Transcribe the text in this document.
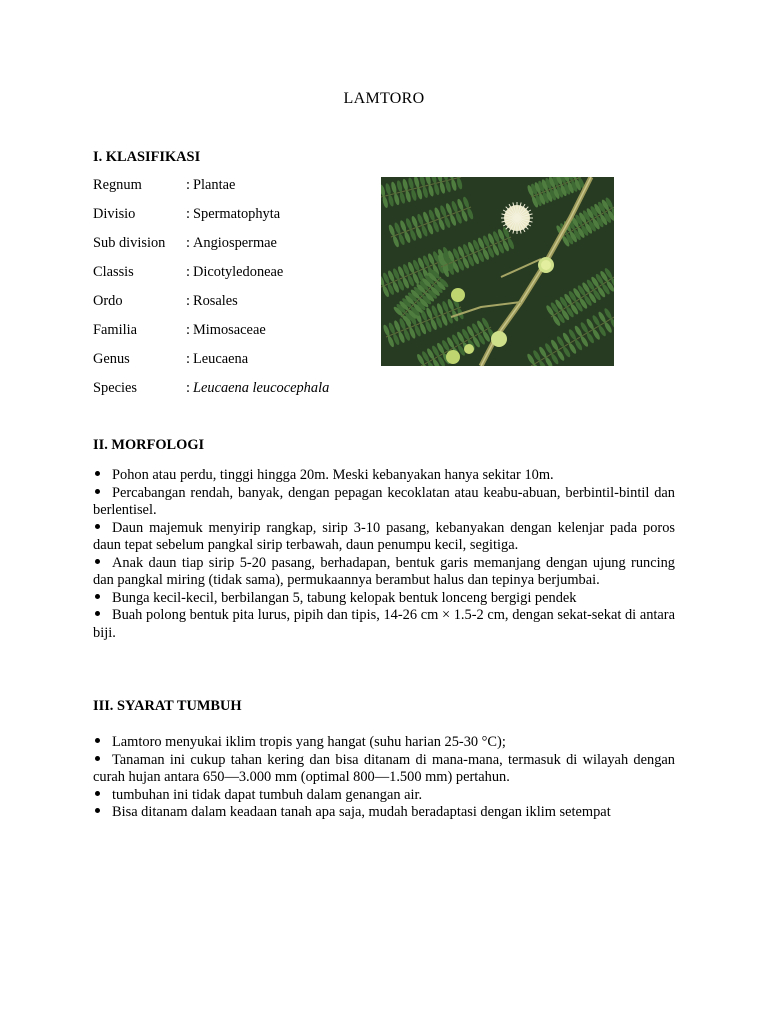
LAMTORO
I. KLASIFIKASI
Regnum	: Plantae
Divisio	: Spermatophyta
Sub division	: Angiospermae
Classis	: Dicotyledoneae
Ordo	: Rosales
Familia	: Mimosaceae
Genus	: Leucaena
Species	: Leucaena leucocephala
II. MORFOLOGI
Pohon atau perdu, tinggi hingga 20m. Meski kebanyakan hanya sekitar 10m.
Percabangan rendah, banyak, dengan pepagan kecoklatan atau keabu-abuan, berbintil-bintil dan berlentisel.
Daun majemuk menyirip rangkap, sirip 3-10 pasang, kebanyakan dengan kelenjar pada poros daun tepat sebelum pangkal sirip terbawah, daun penumpu kecil, segitiga.
Anak daun tiap sirip 5-20 pasang, berhadapan, bentuk garis memanjang dengan ujung runcing dan pangkal miring (tidak sama), permukaannya berambut halus dan tepinya berjumbai.
Bunga kecil-kecil, berbilangan 5, tabung kelopak bentuk lonceng bergigi pendek
Buah polong bentuk pita lurus, pipih dan tipis, 14-26 cm × 1.5-2 cm, dengan sekat-sekat di antara biji.
III. SYARAT TUMBUH
Lamtoro menyukai iklim tropis yang hangat (suhu harian 25-30 °C);
Tanaman ini cukup tahan kering dan bisa ditanam di mana-mana, termasuk di wilayah dengan curah hujan antara 650—3.000 mm (optimal 800—1.500 mm) pertahun.
tumbuhan ini tidak dapat tumbuh dalam genangan air.
Bisa ditanam dalam keadaan tanah apa saja, mudah beradaptasi dengan iklim setempat
